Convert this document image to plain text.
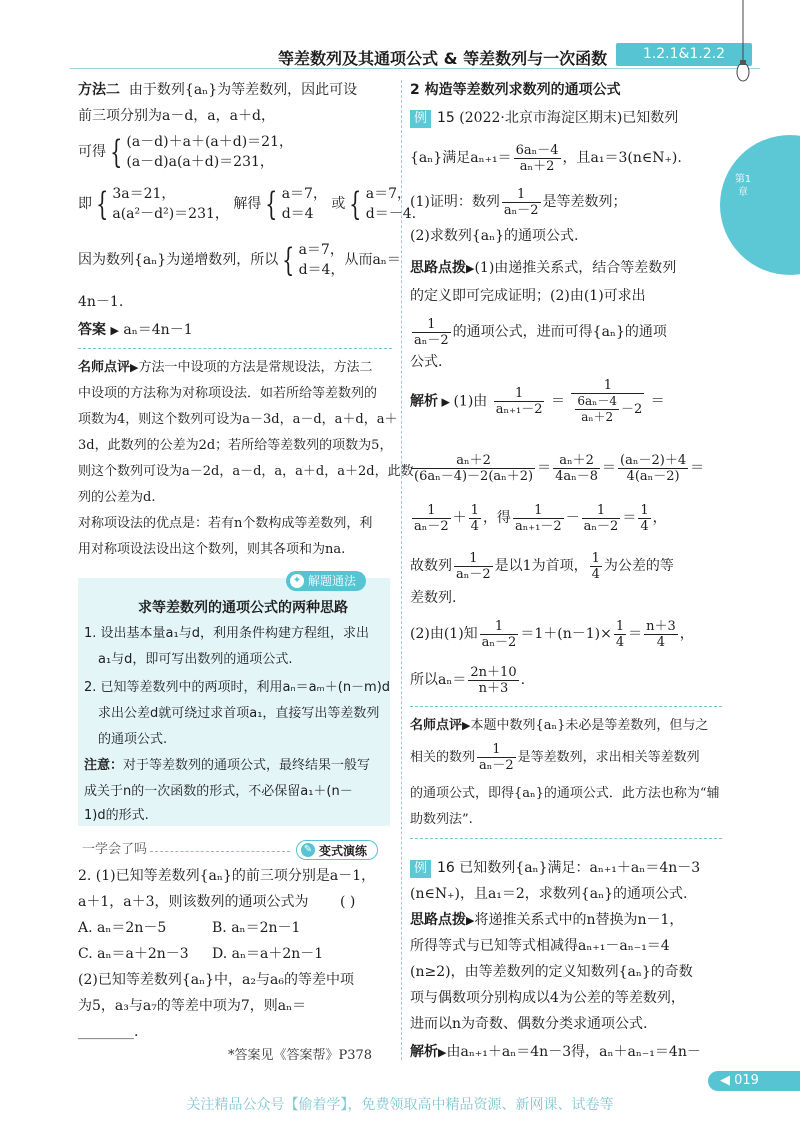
等差数列及其通项公式 & 等差数列与一次函数	1.2.1&1.2.2
第1章
方法二 由于数列{aₙ}为等差数列，因此可设
前三项分别为a－d，a，a＋d，
可得 { (a－d)＋a＋(a＋d)＝21，
(a－d)a(a＋d)＝231，
即 { 3a＝21，
a(a²－d²)＝231，
解得 { a＝7，
d＝4
或 { a＝7，
d＝－4.
因为数列{aₙ}为递增数列，所以 { a＝7，
d＝4，
从而aₙ＝
4n－1.
答案 ▶ aₙ＝4n－1
名师点评▶方法一中设项的方法是常规设法，方法二
中设项的方法称为对称项设法．如若所给等差数列的
项数为4，则这个数列可设为a－3d，a－d，a＋d，a＋
3d，此数列的公差为2d；若所给等差数列的项数为5，
则这个数列可设为a－2d，a－d，a，a＋d，a＋2d，此数
列的公差为d.
对称项设法的优点是：若有n个数构成等差数列，利
用对称项设法设出这个数列，则其各项和为na.
✦ 解题通法
求等差数列的通项公式的两种思路
1. 设出基本量a₁与d，利用条件构建方程组，求出
a₁与d，即可写出数列的通项公式.
2. 已知等差数列中的两项时，利用aₙ＝aₘ＋(n－m)d
求出公差d就可绕过求首项a₁，直接写出等差数列
的通项公式.
注意：对于等差数列的通项公式，最终结果一般写
成关于n的一次函数的形式，不必保留a₁＋(n－
1)d的形式.
一学会了吗	✎ 变式演练
2. (1)已知等差数列{aₙ}的前三项分别是a－1，
a＋1，a＋3，则该数列的通项公式为 ( )
A. aₙ＝2n－5	B. aₙ＝2n－1
C. aₙ＝a＋2n－3 D. aₙ＝a＋2n－1
(2)已知等差数列{aₙ}中，a₂与a₆的等差中项
为5，a₃与a₇的等差中项为7，则aₙ＝
________.
*答案见《答案帮》P378
2 构造等差数列求数列的通项公式
例 15 (2022·北京市海淀区期末)已知数列
{aₙ}满足$a_{n+1}= \frac{\text{6aₙ－4}}{\text{aₙ＋2}}$ ，且a₁＝3(n∈N₊).
(1)证明：数列 $\frac{1}{\text{aₙ－2}}$ 是等差数列；
(2)求数列{aₙ}的通项公式.
思路点拨▶(1)由递推关系式，结合等差数列
的定义即可完成证明；(2)由(1)可求出
$\frac{1}{\text{aₙ－2}}$ 的通项公式，进而可得{aₙ}的通项
公式.
解析 ▶ (1)由 $\frac{1}{\text{aₙ₊₁－2}} = \frac{1}{\frac{\text{6aₙ－4}}{\text{aₙ＋2}} -2}$ ＝
$\frac{\text{aₙ＋2}}{\text{(6aₙ－4)－2(aₙ＋2)}} = \frac{\text{aₙ＋2}}{\text{4aₙ－8}} = \frac{\text{(aₙ－2)＋4}}{\text{4(aₙ－2)}}$ ＝
$\frac{1}{\text{aₙ－2}} + \frac{1}{4}$ ，得 $\frac{1}{\text{aₙ₊₁－2}} - \frac{1}{\text{aₙ－2}} = \frac{1}{4}$ ，
故数列 $\frac{1}{\text{aₙ－2}}$ 是以1为首项， $\frac{1}{4}$ 为公差的等
差数列.
(2)由(1)知 $\frac{1}{\text{aₙ－2}} =1+(n-1)\times \frac{1}{4} = \frac{n+3}{4}$ ，
所以$a_n= \frac{2n+10}{n+3}$ .
名师点评▶本题中数列{aₙ}未必是等差数列，但与之
相关的数列 $\frac{1}{\text{aₙ－2}}$ 是等差数列，求出相关等差数列
的通项公式，即得{aₙ}的通项公式．此方法也称为“辅
助数列法”.
例 16 已知数列{aₙ}满足：aₙ₊₁＋aₙ＝4n－3
(n∈N₊)，且a₁＝2，求数列{aₙ}的通项公式.
思路点拨▶将递推关系式中的n替换为n－1，
所得等式与已知等式相减得aₙ₊₁－aₙ₋₁＝4
(n≥2)，由等差数列的定义知数列{aₙ}的奇数
项与偶数项分别构成以4为公差的等差数列，
进而以n为奇数、偶数分类求通项公式.
解析▶由aₙ₊₁＋aₙ＝4n－3得，aₙ＋aₙ₋₁＝4n－
◀ 019
关注精品公众号【偷着学】，免费领取高中精品资源、新网课、试卷等
